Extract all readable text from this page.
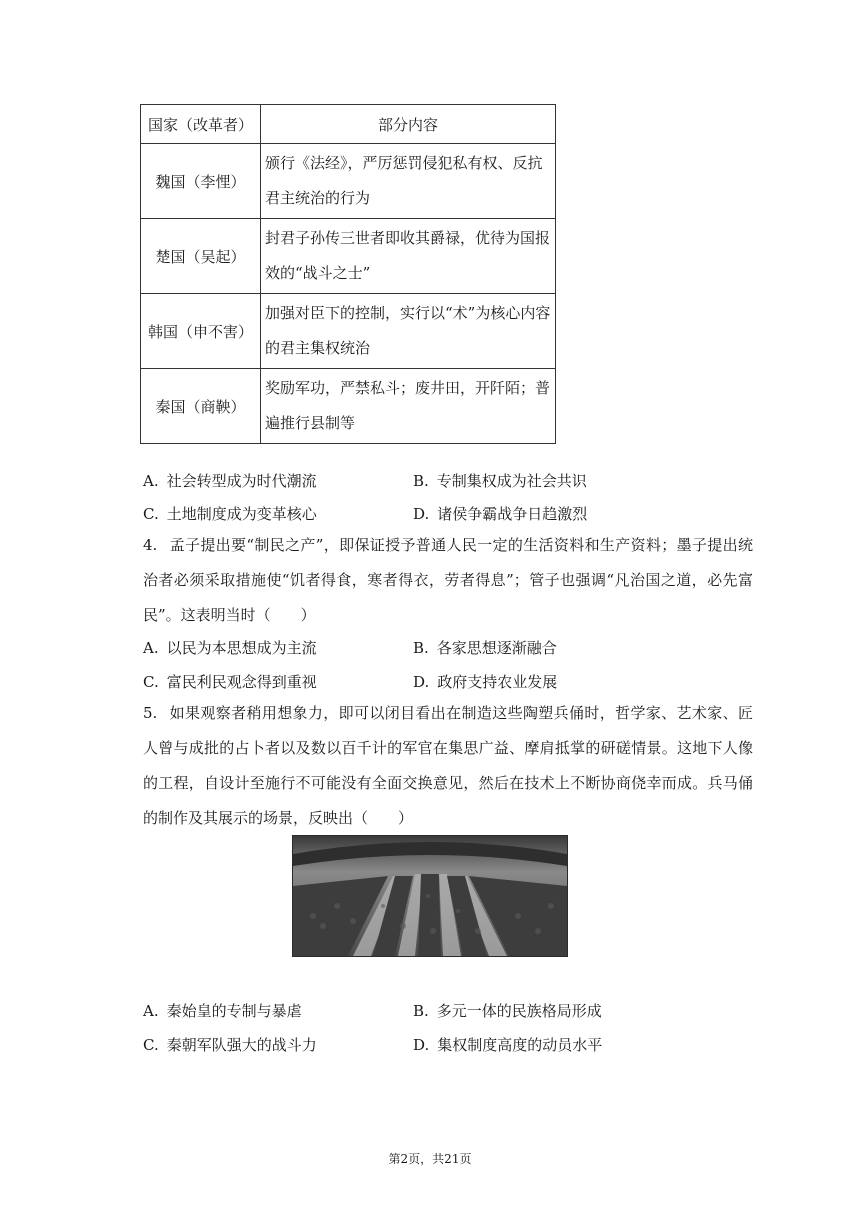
国家（改革者）	部分内容
魏国（李悝）	颁行《法经》，严厉惩罚侵犯私有权、反抗君主统治的行为
楚国（吴起）	封君子孙传三世者即收其爵禄，优待为国报效的“战斗之士”
韩国（申不害）	加强对臣下的控制，实行以“术”为核心内容的君主集权统治
秦国（商鞅）	奖励军功，严禁私斗；废井田，开阡陌；普遍推行县制等
A. 社会转型成为时代潮流	B. 专制集权成为社会共识
C. 土地制度成为变革核心	D. 诸侯争霸战争日趋激烈
4. 孟子提出要“制民之产”，即保证授予普通人民一定的生活资料和生产资料；墨子提出统治者必须采取措施使“饥者得食，寒者得衣，劳者得息”；管子也强调“凡治国之道，必先富民”。这表明当时（　　）
A. 以民为本思想成为主流	B. 各家思想逐渐融合
C. 富民利民观念得到重视	D. 政府支持农业发展
5. 如果观察者稍用想象力，即可以闭目看出在制造这些陶塑兵俑时，哲学家、艺术家、匠人曾与成批的占卜者以及数以百千计的军官在集思广益、摩肩抵掌的研磋情景。这地下人像的工程，自设计至施行不可能没有全面交换意见，然后在技术上不断协商侥幸而成。兵马俑的制作及其展示的场景，反映出（　　）
A. 秦始皇的专制与暴虐	B. 多元一体的民族格局形成
C. 秦朝军队强大的战斗力	D. 集权制度高度的动员水平
第2页，共21页
